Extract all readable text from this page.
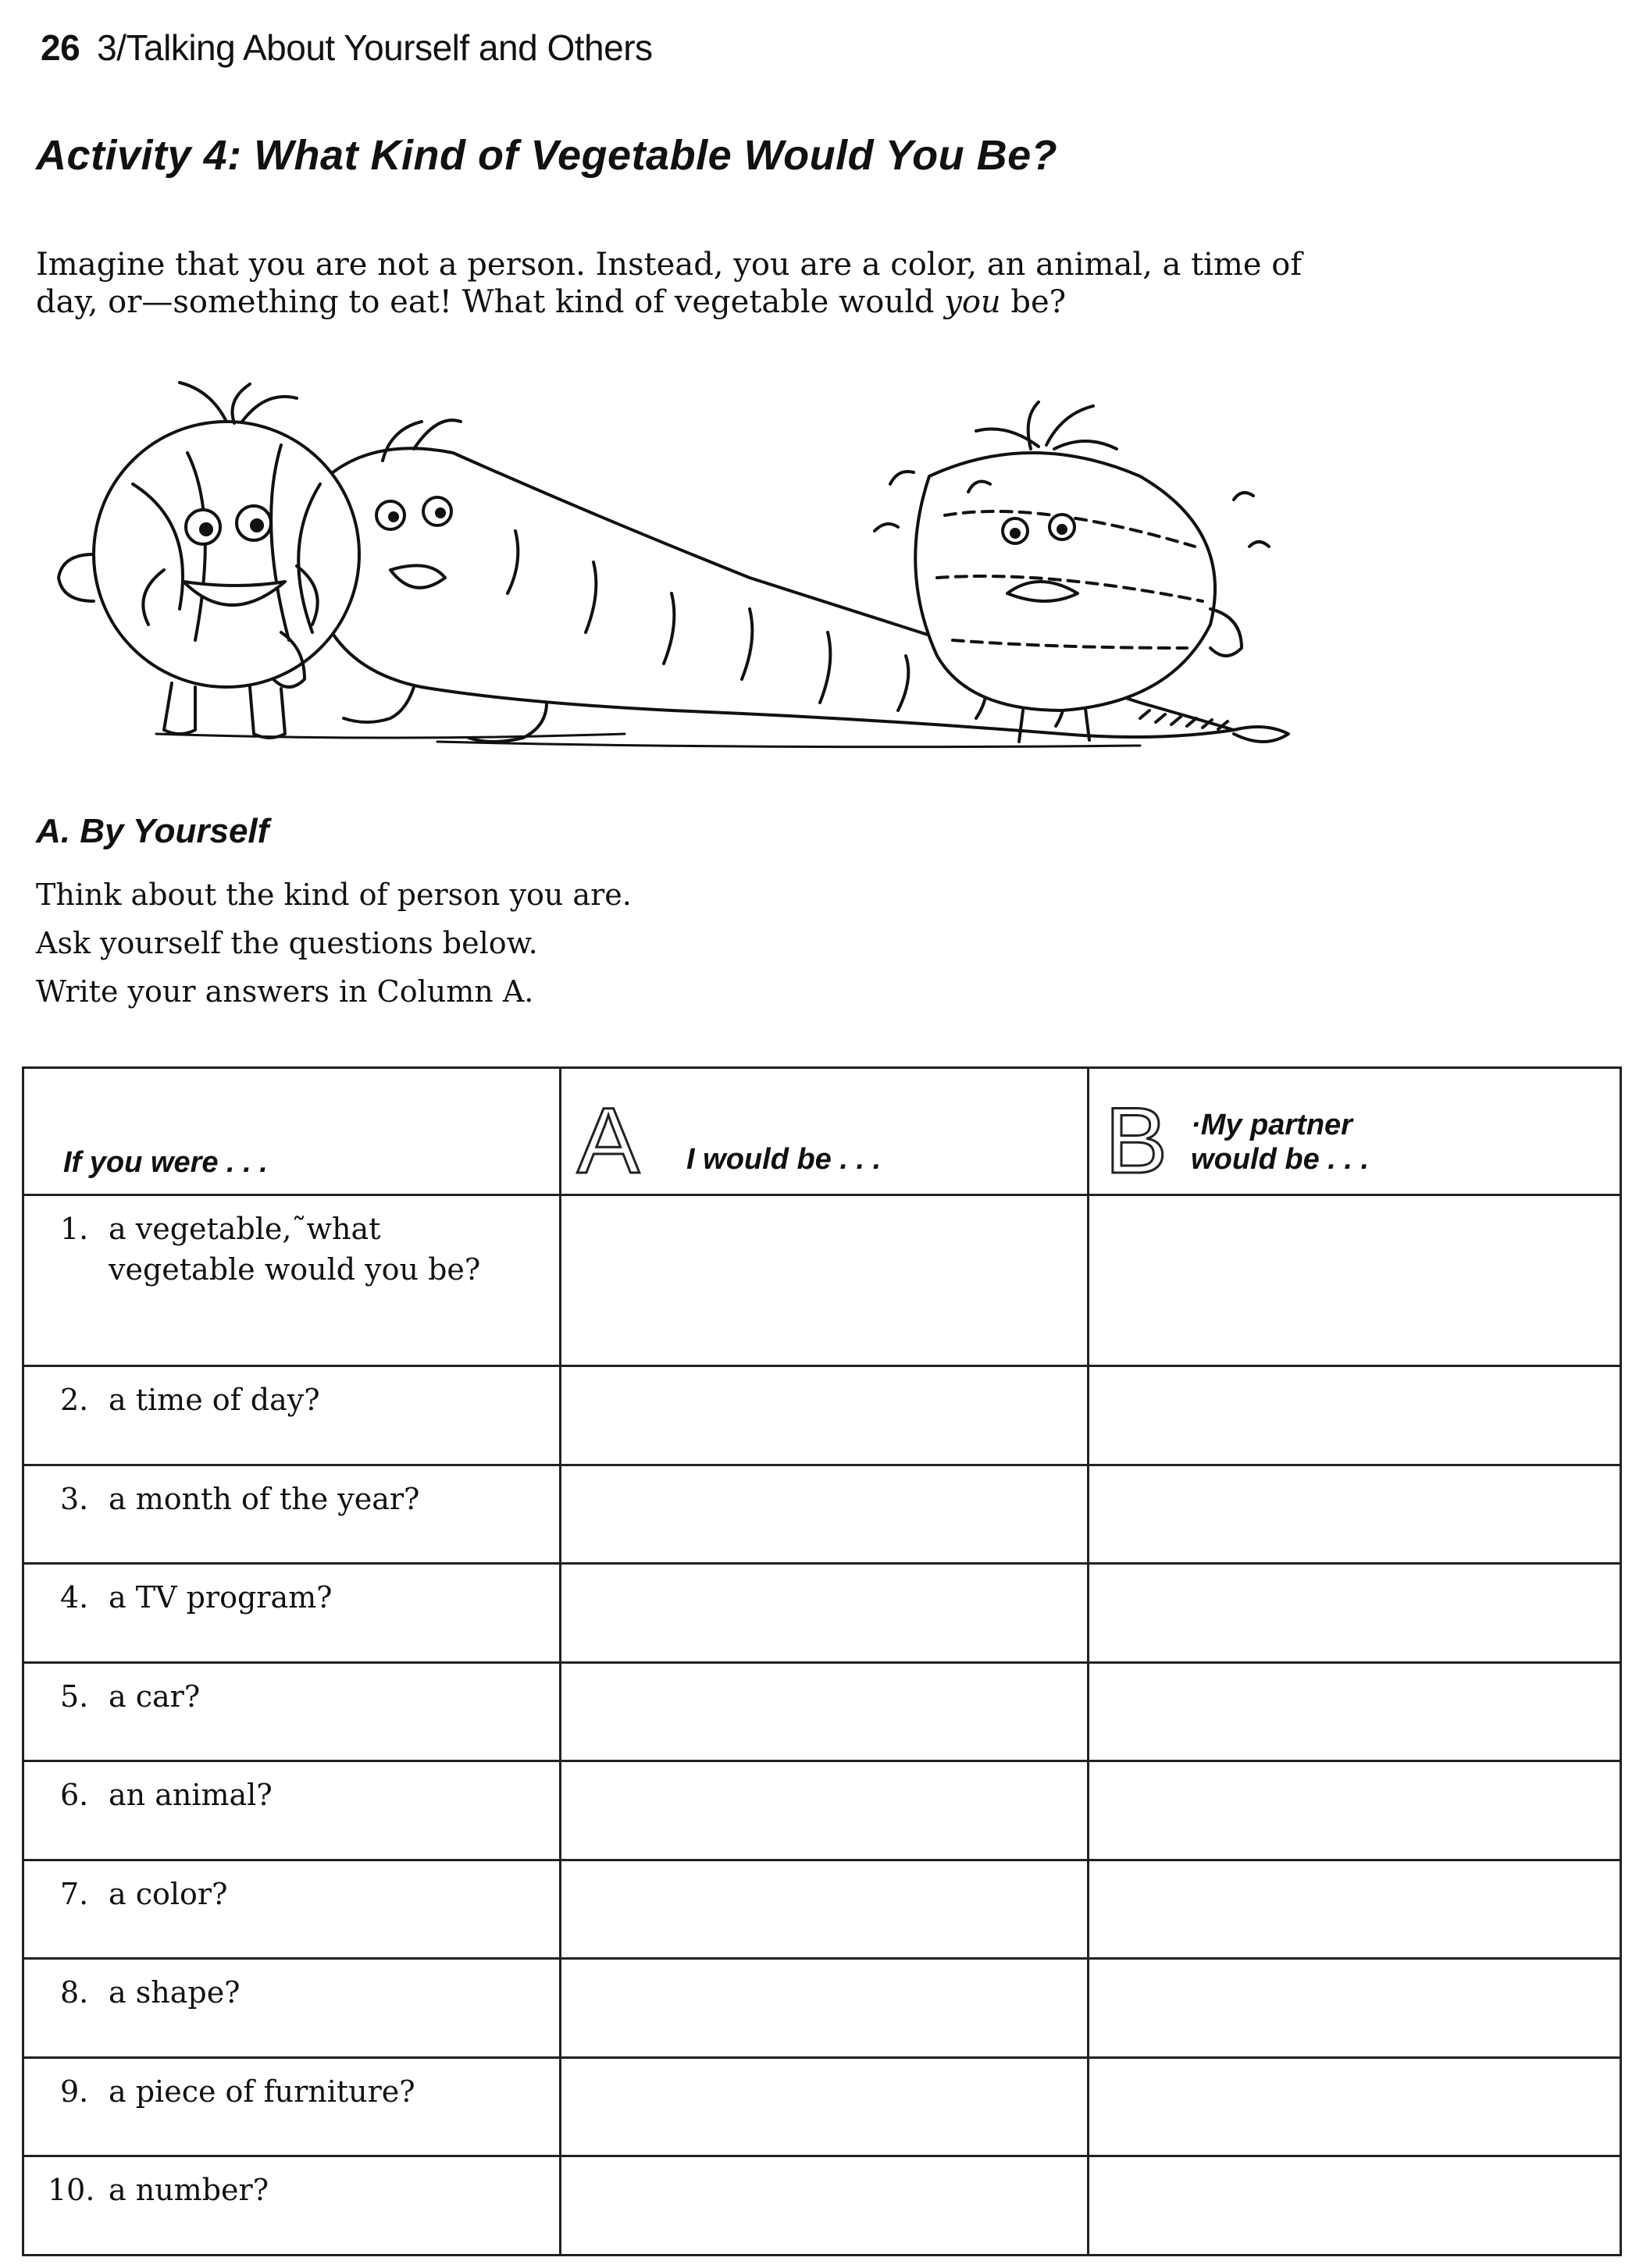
26 3/Talking About Yourself and Others
Activity 4: What Kind of Vegetable Would You Be?
Imagine that you are not a person. Instead, you are a color, an animal, a time of day, or—something to eat! What kind of vegetable would you be?
A. By Yourself
Think about the kind of person you are.
Ask yourself the questions below.
Write your answers in Column A.
If you were . . .	A I would be . . .	B ·My partner
would be . . .

1. a vegetable,˜what
vegetable would you be?		

2. a time of day?		

3. a month of the year?		

4. a TV program?		

5. a car?		

6. an animal?		

7. a color?		

8. a shape?		

9. a piece of furniture?		

10. a number?		
